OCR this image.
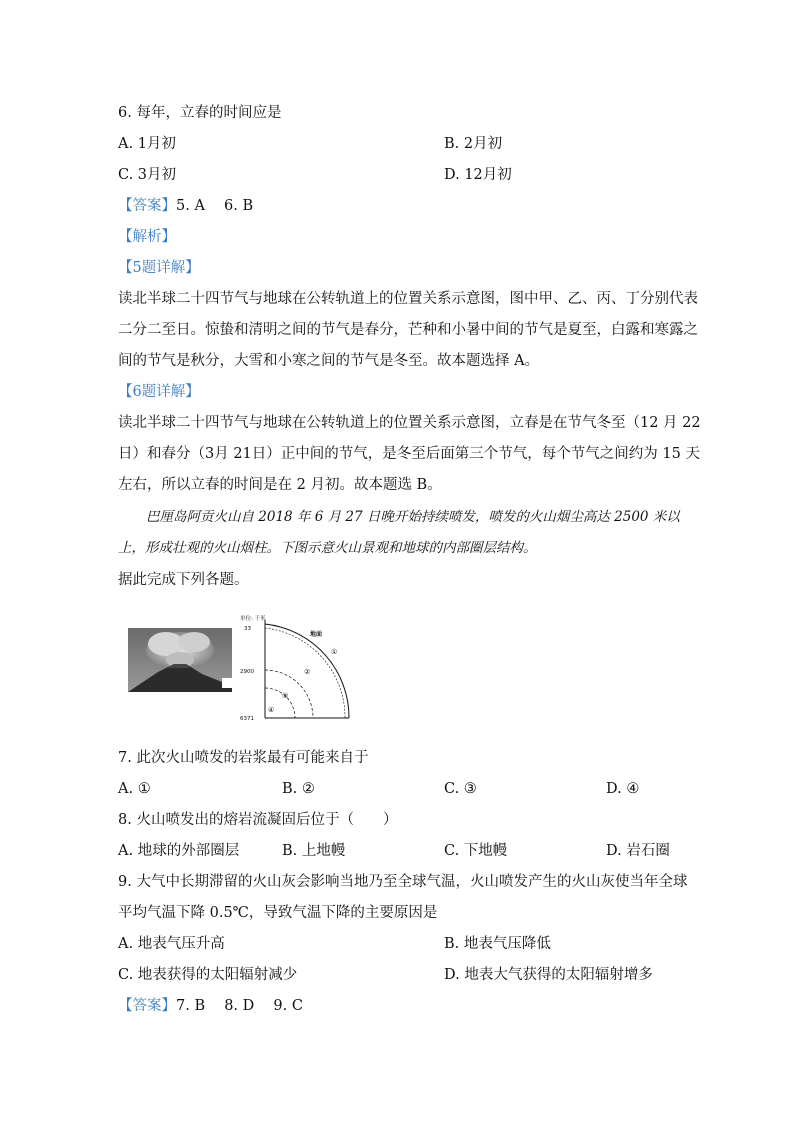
6. 每年，立春的时间应是
A. 1月初	B. 2月初
C. 3月初	D. 12月初
【答案】5. A　 6. B
【解析】
【5题详解】
读北半球二十四节气与地球在公转轨道上的位置关系示意图，图中甲、乙、丙、丁分别代表
二分二至日。惊蛰和清明之间的节气是春分，芒种和小暑中间的节气是夏至，白露和寒露之
间的节气是秋分，大雪和小寒之间的节气是冬至。故本题选择 A。
【6题详解】
读北半球二十四节气与地球在公转轨道上的位置关系示意图，立春是在节气冬至（12 月 22
日）和春分（3月 21日）正中间的节气，是冬至后面第三个节气，每个节气之间约为 15 天
左右，所以立春的时间是在 2 月初。故本题选 B。
巴厘岛阿贡火山自 2018 年 6 月 27 日晚开始持续喷发，喷发的火山烟尘高达 2500 米以
上，形成壮观的火山烟柱。下图示意火山景观和地球的内部圈层结构。
据此完成下列各题。
单位: 千米
33
2900
6371
地面
①
②
③
④
7. 此次火山喷发的岩浆最有可能来自于
A. ①	B. ②	C. ③	D. ④
8. 火山喷发出的熔岩流凝固后位于（　　）
A. 地球的外部圈层	B. 上地幔	C. 下地幔	D. 岩石圈
9. 大气中长期滞留的火山灰会影响当地乃至全球气温，火山喷发产生的火山灰使当年全球
平均气温下降 0.5℃，导致气温下降的主要原因是
A. 地表气压升高	B. 地表气压降低
C. 地表获得的太阳辐射减少	D. 地表大气获得的太阳辐射增多
【答案】7. B　 8. D　 9. C
